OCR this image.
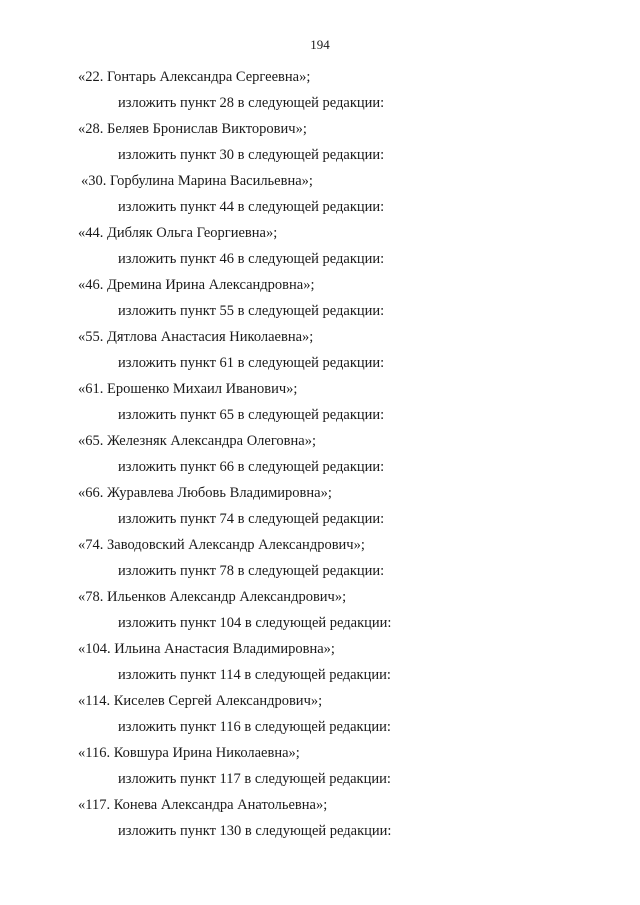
194
«22. Гонтарь Александра Сергеевна»;
изложить пункт 28 в следующей редакции:
«28. Беляев Бронислав Викторович»;
изложить пункт 30 в следующей редакции:
«30. Горбулина Марина Васильевна»;
изложить пункт 44 в следующей редакции:
«44. Дибляк Ольга Георгиевна»;
изложить пункт 46 в следующей редакции:
«46. Дремина Ирина Александровна»;
изложить пункт 55 в следующей редакции:
«55. Дятлова Анастасия Николаевна»;
изложить пункт 61 в следующей редакции:
«61. Ерошенко Михаил Иванович»;
изложить пункт 65 в следующей редакции:
«65. Железняк Александра Олеговна»;
изложить пункт 66 в следующей редакции:
«66. Журавлева Любовь Владимировна»;
изложить пункт 74 в следующей редакции:
«74. Заводовский Александр Александрович»;
изложить пункт 78 в следующей редакции:
«78. Ильенков Александр Александрович»;
изложить пункт 104 в следующей редакции:
«104. Ильина Анастасия Владимировна»;
изложить пункт 114 в следующей редакции:
«114. Киселев Сергей Александрович»;
изложить пункт 116 в следующей редакции:
«116. Ковшура Ирина Николаевна»;
изложить пункт 117 в следующей редакции:
«117. Конева Александра Анатольевна»;
изложить пункт 130 в следующей редакции:
